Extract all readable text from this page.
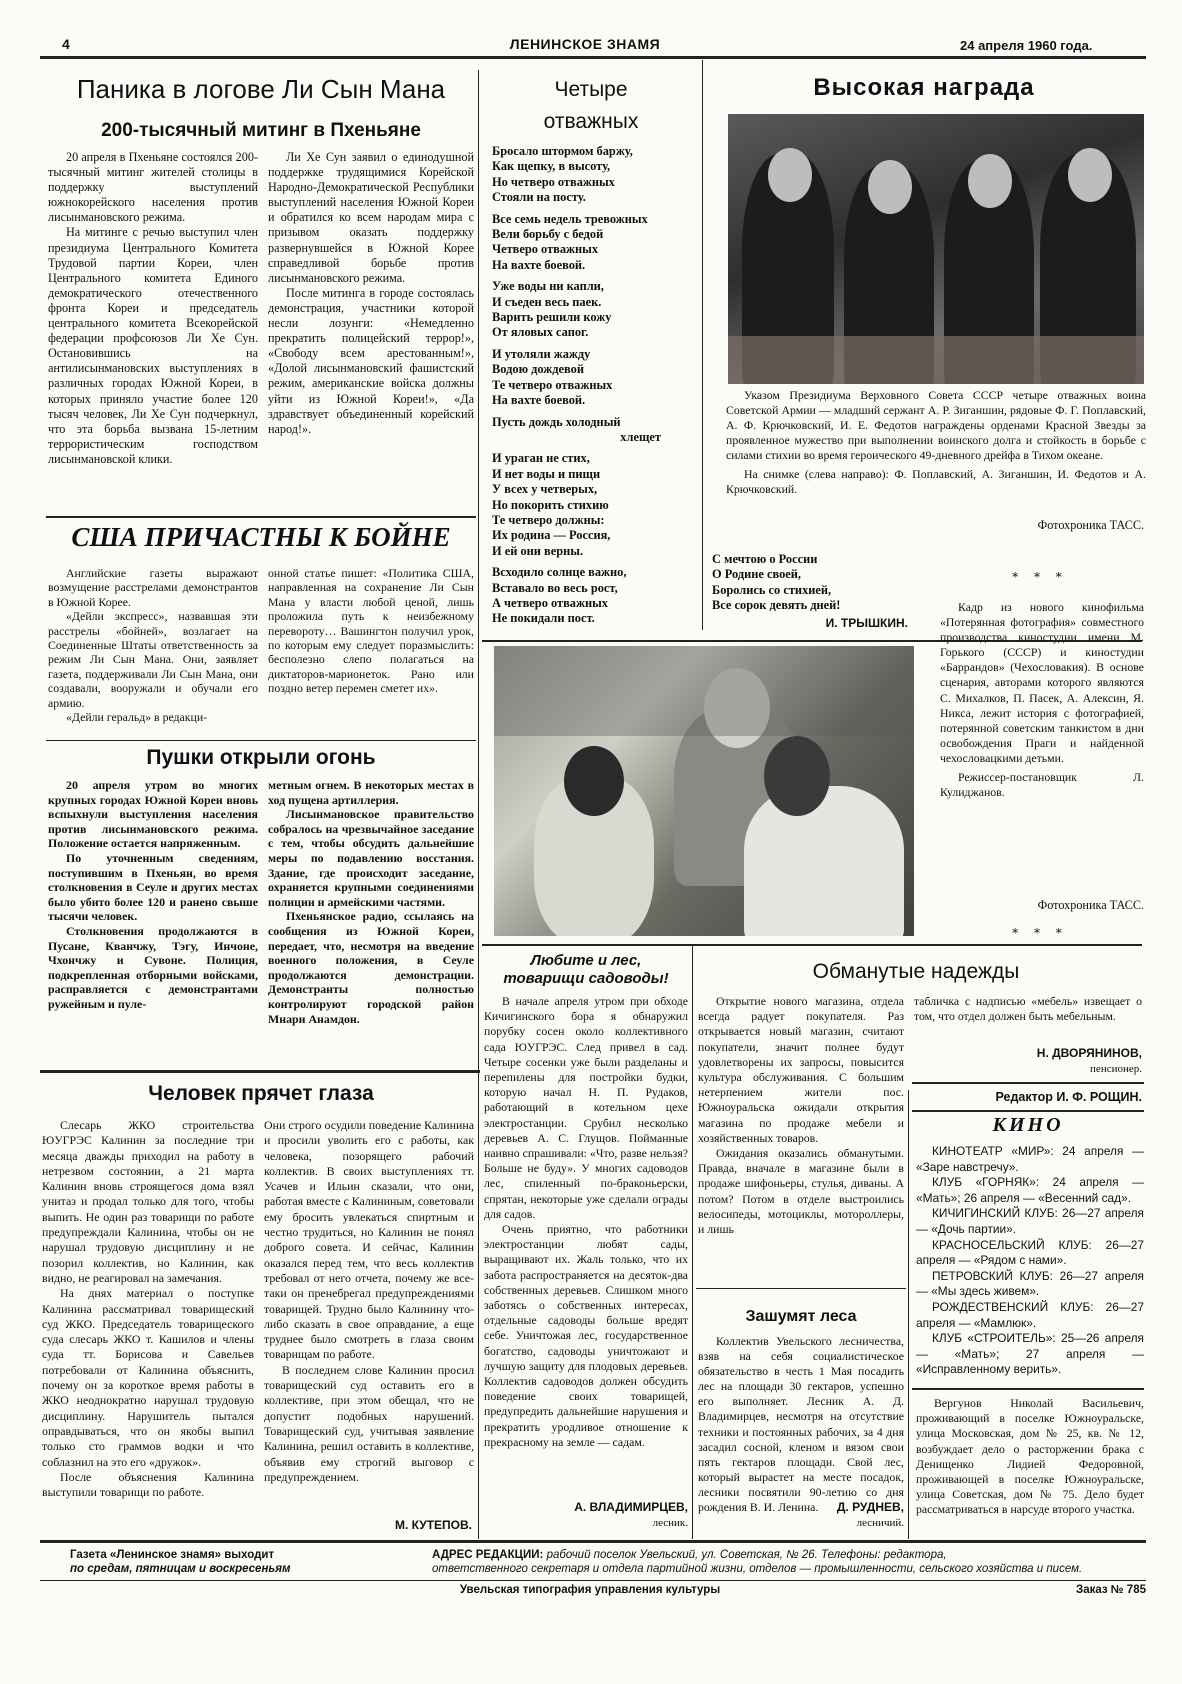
4	ЛЕНИНСКОЕ ЗНАМЯ	24 апреля 1960 года.
Паника в логове Ли Сын Мана
200-тысячный митинг в Пхеньяне

20 апреля в Пхеньяне состоялся 200-тысячный митинг жителей столицы в поддержку выступлений южнокорейского населения против лисынмановского режима.

На митинге с речью выступил член президиума Центрального Комитета Трудовой партии Кореи, член Центрального комитета Единого демократического отечественного фронта Кореи и председатель центрального комитета Всекорейской федерации профсоюзов Ли Хе Сун. Остановившись на антилисынмановских выступлениях в различных городах Южной Кореи, в которых приняло участие более 120 тысяч человек, Ли Хе Сун подчеркнул, что эта борьба вызвана 15-летним террористическим господством лисынмановской клики.

Ли Хе Сун заявил о единодушной поддержке трудящимися Корейской Народно-Демократической Республики выступлений населения Южной Кореи и обратился ко всем народам мира с призывом оказать поддержку развернувшейся в Южной Корее справедливой борьбе против лисынмановского режима.

После митинга в городе состоялась демонстрация, участники которой несли лозунги: «Немедленно прекратить полицейский террор!», «Свободу всем арестованным!», «Долой лисынмановский фашистский режим, американские войска должны уйти из Южной Кореи!», «Да здравствует объединенный корейский народ!».

США ПРИЧАСТНЫ К БОЙНЕ

Английские газеты выражают возмущение расстрелами демонстрантов в Южной Корее.

«Дейли экспресс», назвавшая эти расстрелы «бойней», возлагает на Соединенные Штаты ответственность за режим Ли Сын Мана. Они, заявляет газета, поддерживали Ли Сын Мана, они создавали, вооружали и обучали его армию.

«Дейли геральд» в редакци-

онной статье пишет: «Политика США, направленная на сохранение Ли Сын Мана у власти любой ценой, лишь проложила путь к неизбежному перевороту… Вашингтон получил урок, по которым ему следует поразмыслить: бесполезно слепо полагаться на диктаторов-марионеток. Рано или поздно ветер перемен сметет их».

Пушки открыли огонь

20 апреля утром во многих крупных городах Южной Кореи вновь вспыхнули выступления населения против лисынмановского режима. Положение остается напряженным.

По уточненным сведениям, поступившим в Пхеньян, во время столкновения в Сеуле и других местах было убито более 120 и ранено свыше тысячи человек.

Столкновения продолжаются в Пусане, Кванчжу, Тэгу, Инчоне, Чхончжу и Сувоне. Полиция, подкрепленная отборными войсками, расправляется с демонстрантами ружейным и пуле-

метным огнем. В некоторых местах в ход пущена артиллерия.

Лисынмановское правительство собралось на чрезвычайное заседание с тем, чтобы обсудить дальнейшие меры по подавлению восстания. Здание, где происходит заседание, охраняется крупными соединениями полиции и армейскими частями.

Пхеньянское радио, ссылаясь на сообщения из Южной Кореи, передает, что, несмотря на введение военного положения, в Сеуле продолжаются демонстрации. Демонстранты полностью контролируют городской район Мнари Анамдон.

Человек прячет глаза

Слесарь ЖКО строительства ЮУГРЭС Калинин за последние три месяца дважды приходил на работу в нетрезвом состоянии, а 21 марта Калинин вновь строящегося дома взял унитаз и продал только для того, чтобы выпить. Не один раз товарищи по работе предупреждали Калинина, чтобы он не нарушал трудовую дисциплину и не позорил коллектив, но Калинин, как видно, не реагировал на замечания.

На днях материал о поступке Калинина рассматривал товарищеский суд ЖКО. Председатель товарищеского суда слесарь ЖКО т. Кашилов и члены суда тт. Борисова и Савельев потребовали от Калинина объяснить, почему он за короткое время работы в ЖКО неоднократно нарушал трудовую дисциплину. Нарушитель пытался оправдываться, что он якобы выпил только сто граммов водки и что соблазнил на это его «дружок».

После объяснения Калинина выступили товарищи по работе.

Они строго осудили поведение Калинина и просили уволить его с работы, как человека, позорящего рабочий коллектив. В своих выступлениях тт. Усачев и Ильин сказали, что они, работая вместе с Калининым, советовали ему бросить увлекаться спиртным и честно трудиться, но Калинин не понял доброго совета. И сейчас, Калинин оказался перед тем, что весь коллектив требовал от него отчета, почему же все-таки он пренебрегал предупреждениями товарищей. Трудно было Калинину что-либо сказать в свое оправдание, а еще труднее было смотреть в глаза своим товарищам по работе.

В последнем слове Калинин просил товарищеский суд оставить его в коллективе, при этом обещал, что не допустит подобных нарушений. Товарищеский суд, учитывая заявление Калинина, решил оставить в коллективе, объявив ему строгий выговор с предупреждением.

М. КУТЕПОВ.
Четыре
отважных
Бросало штормом баржу,
Как щепку, в высоту,
Но четверо отважных
Стояли на посту.
Все семь недель тревожных
Вели борьбу с бедой
Четверо отважных
На вахте боевой.
Уже воды ни капли,
И съеден весь паек.
Варить решили кожу
От яловых сапог.
И утоляли жажду
Водою дождевой
Те четверо отважных
На вахте боевой.
Пусть дождь холодный
хлещет
И ураган не стих,
И нет воды и пищи
У всех у четверых,
Но покорить стихию
Те четверо должны:
Их родина — Россия,
И ей они верны.
Всходило солнце важно,
Вставало во весь рост,
А четверо отважных
Не покидали пост.
С мечтою о России
О Родине своей,
Боролись со стихией,
Все сорок девять дней!
И. ТРЫШКИН.
Высокая награда

Указом Президиума Верховного Совета СССР четыре отважных воина Советской Армии — младший сержант А. Р. Зиганшин, рядовые Ф. Г. Поплавский, А. Ф. Крючковский, И. Е. Федотов награждены орденами Красной Звезды за проявленное мужество при выполнении воинского долга и стойкость в борьбе с силами стихии во время героического 49-дневного дрейфа в Тихом океане.

На снимке (слева направо): Ф. Поплавский, А. Зиганшин, И. Федотов и А. Крючковский.

Фотохроника ТАСС.
* * *

Кадр из нового кинофильма «Потерянная фотография» совместного производства киностудии имени М. Горького (СССР) и киностудии «Баррандов» (Чехословакия). В основе сценария, авторами которого являются С. Михалков, П. Пасек, А. Алексин, Я. Никса, лежит история с фотографией, потерянной советским танкистом в дни освобождения Праги и найденной чехословацкими детьми.

Режиссер-постановщик Л. Кулиджанов.

Фотохроника ТАСС.
* * *
Любите и лес,
товарищи садоводы!

В начале апреля утром при обходе Кичигинского бора я обнаружил порубку сосен около коллективного сада ЮУГРЭС. След привел в сад. Четыре сосенки уже были разделаны и перепилены для постройки будки, которую начал Н. П. Рудаков, работающий в котельном цехе электростанции. Срубил несколько деревьев А. С. Глущов. Пойманные наивно спрашивали: «Что, разве нельзя? Больше не буду». У многих садоводов лес, спиленный по-браконьерски, спрятан, некоторые уже сделали ограды для садов.

Очень приятно, что работники электростанции любят сады, выращивают их. Жаль только, что их забота распространяется на десяток-два собственных деревьев. Слишком много заботясь о собственных интересах, отдельные садоводы больше вредят себе. Уничтожая лес, государственное богатство, садоводы уничтожают и лучшую защиту для плодовых деревьев. Коллектив садоводов должен обсудить поведение своих товарищей, предупредить дальнейшие нарушения и прекратить уродливое отношение к прекрасному на земле — садам.

А. ВЛАДИМИРЦЕВ,
лесник.
Обманутые надежды

Открытие нового магазина, отдела всегда радует покупателя. Раз открывается новый магазин, считают покупатели, значит полнее будут удовлетворены их запросы, повысится культура обслуживания. С большим нетерпением жители пос. Южноуральска ожидали открытия магазина по продаже мебели и хозяйственных товаров.

Ожидания оказались обманутыми. Правда, вначале в магазине были в продаже шифоньеры, стулья, диваны. А потом? Потом в отделе выстроились велосипеды, мотоциклы, мотороллеры, и лишь

табличка с надписью «мебель» извещает о том, что отдел должен быть мебельным.

Н. ДВОРЯНИНОВ,
пенсионер.
Зашумят леса

Коллектив Увельского лесничества, взяв на себя социалистическое обязательство в честь 1 Мая посадить лес на площади 30 гектаров, успешно его выполняет. Лесник А. Д. Владимирцев, несмотря на отсутствие техники и постоянных рабочих, за 4 дня засадил сосной, кленом и вязом свои пять гектаров площади. Свой лес, который вырастет на месте посадок, лесники посвятили 90-летию со дня рождения В. И. Ленина.	Д. РУДНЕВ,
лесничий.
Редактор И. Ф. РОЩИН.
КИНО
КИНОТЕАТР «МИР»: 24 апреля — «Заре навстречу».
КЛУБ «ГОРНЯК»: 24 апреля — «Мать»; 26 апреля — «Весенний сад».
КИЧИГИНСКИЙ КЛУБ: 26—27 апреля — «Дочь партии».
КРАСНОСЕЛЬСКИЙ КЛУБ: 26—27 апреля — «Рядом с нами».
ПЕТРОВСКИЙ КЛУБ: 26—27 апреля — «Мы здесь живем».
РОЖДЕСТВЕНСКИЙ КЛУБ: 26—27 апреля — «Мамлюк».
КЛУБ «СТРОИТЕЛЬ»: 25—26 апреля — «Мать»; 27 апреля — «Исправленному верить».

Вергунов Николай Васильевич, проживающий в поселке Южноуральске, улица Московская, дом № 25, кв. № 12, возбуждает дело о расторжении брака с Денищенко Лидией Федоровной, проживающей в поселке Южноуральске, улица Советская, дом № 75. Дело будет рассматриваться в нарсуде второго участка.

Газета «Ленинское знамя» выходит
по средам, пятницам и воскресеньям
АДРЕС РЕДАКЦИИ: рабочий поселок Увельский, ул. Советская, № 26. Телефоны: редактора,
ответственного секретаря и отдела партийной жизни, отделов — промышленности, сельского хозяйства и писем.
Увельская типография управления культуры	Заказ № 785
